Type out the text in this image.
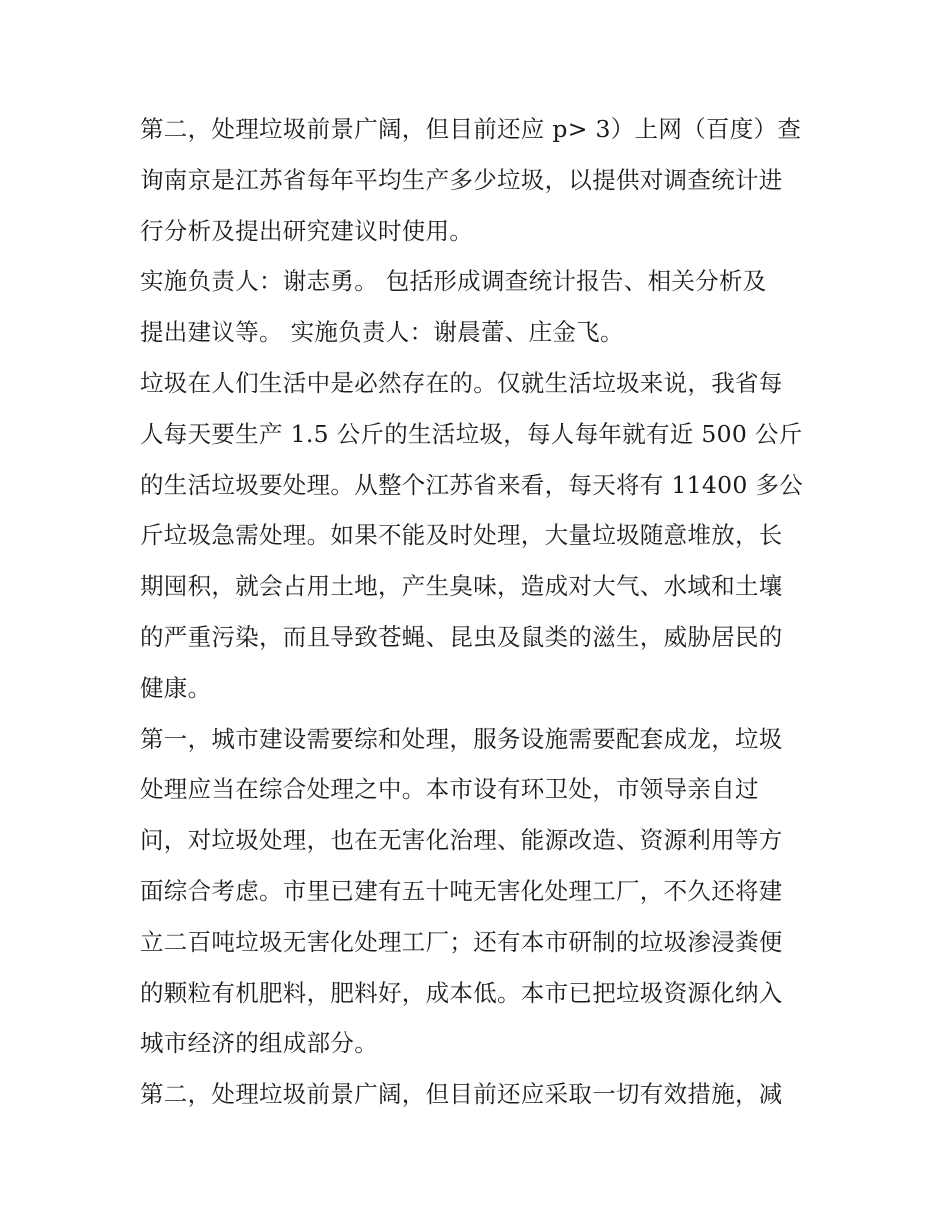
第二，处理垃圾前景广阔，但目前还应 p> 3）上网（百度）查
询南京是江苏省每年平均生产多少垃圾，以提供对调查统计进
行分析及提出研究建议时使用。
实施负责人：谢志勇。 包括形成调查统计报告、相关分析及
提出建议等。 实施负责人：谢晨蕾、庄金飞。
垃圾在人们生活中是必然存在的。仅就生活垃圾来说，我省每
人每天要生产 1.5 公斤的生活垃圾，每人每年就有近 500 公斤
的生活垃圾要处理。从整个江苏省来看，每天将有 11400 多公
斤垃圾急需处理。如果不能及时处理，大量垃圾随意堆放，长
期囤积，就会占用土地，产生臭味，造成对大气、水域和土壤
的严重污染，而且导致苍蝇、昆虫及鼠类的滋生，威胁居民的
健康。
第一，城市建设需要综和处理，服务设施需要配套成龙，垃圾
处理应当在综合处理之中。本市设有环卫处，市领导亲自过
问，对垃圾处理，也在无害化治理、能源改造、资源利用等方
面综合考虑。市里已建有五十吨无害化处理工厂，不久还将建
立二百吨垃圾无害化处理工厂；还有本市研制的垃圾渗浸粪便
的颗粒有机肥料，肥料好，成本低。本市已把垃圾资源化纳入
城市经济的组成部分。
第二，处理垃圾前景广阔，但目前还应采取一切有效措施，减
